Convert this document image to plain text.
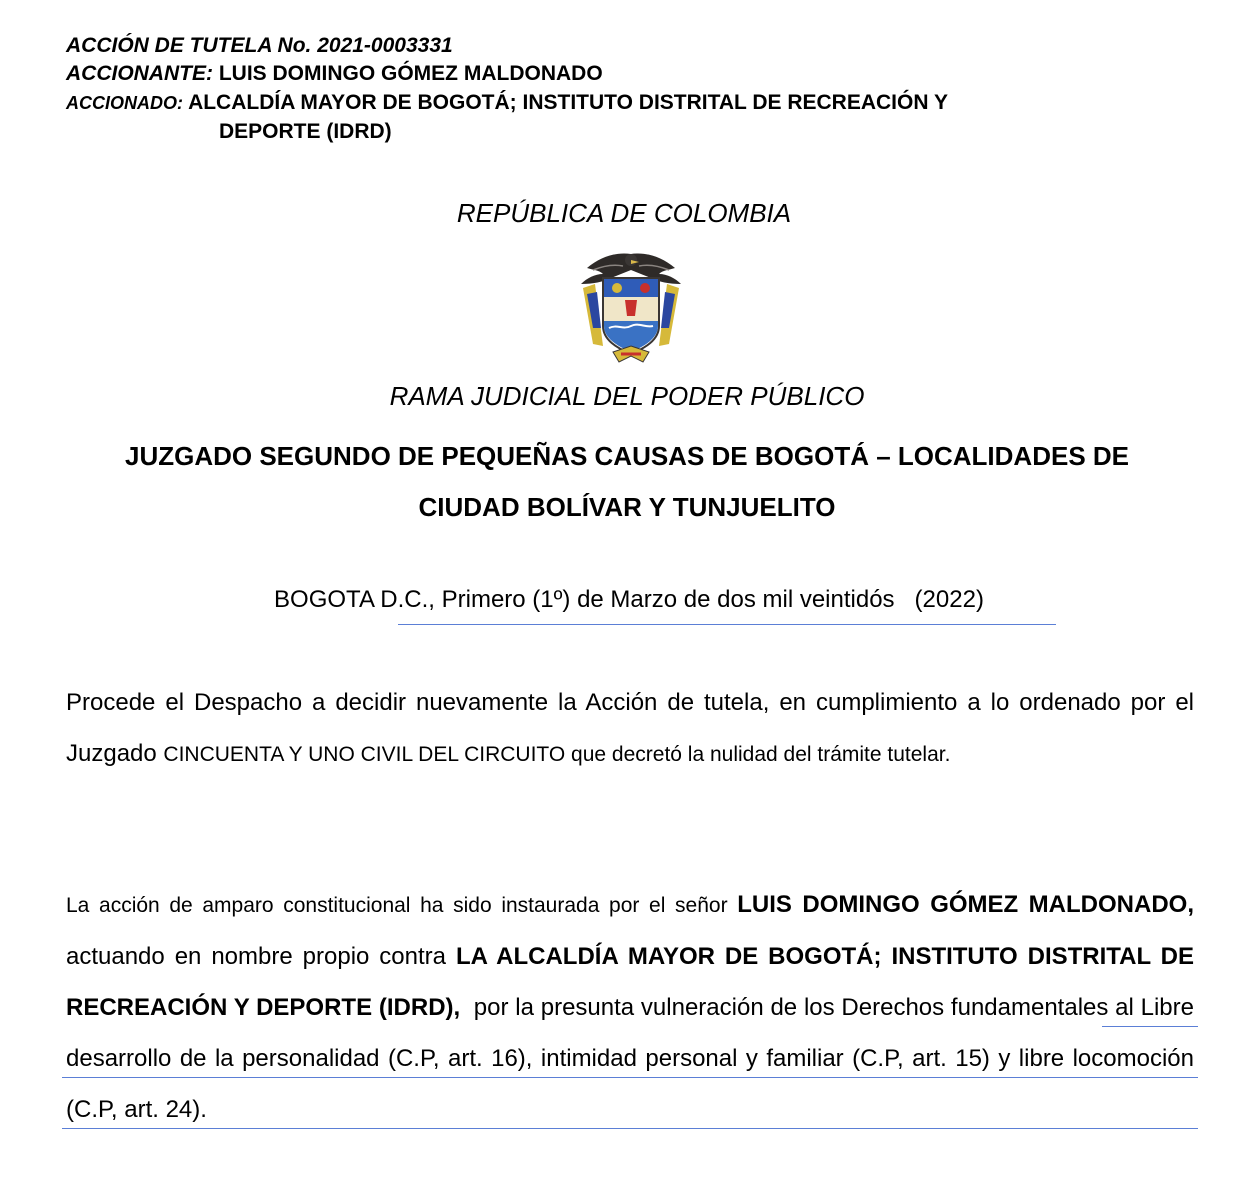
ACCIÓN DE TUTELA No. 2021-0003331
ACCIONANTE: LUIS DOMINGO GÓMEZ MALDONADO
ACCIONADO: ALCALDÍA MAYOR DE BOGOTÁ; INSTITUTO DISTRITAL DE RECREACIÓN Y
DEPORTE (IDRD)
REPÚBLICA DE COLOMBIA
RAMA JUDICIAL DEL PODER PÚBLICO
JUZGADO SEGUNDO DE PEQUEÑAS CAUSAS DE BOGOTÁ – LOCALIDADES DE
CIUDAD BOLÍVAR Y TUNJUELITO
BOGOTA D.C., Primero (1º) de Marzo de dos mil veintidós   (2022)
Procede el Despacho a decidir nuevamente la Acción de tutela, en cumplimiento a lo ordenado por el Juzgado CINCUENTA Y UNO CIVIL DEL CIRCUITO que decretó la nulidad del trámite tutelar.
La acción de amparo constitucional ha sido instaurada por el señor LUIS DOMINGO GÓMEZ MALDONADO, actuando en nombre propio contra LA ALCALDÍA MAYOR DE BOGOTÁ; INSTITUTO DISTRITAL DE RECREACIÓN Y DEPORTE (IDRD),  por la presunta vulneración de los Derechos fundamentales al Libre desarrollo de la personalidad (C.P, art. 16), intimidad personal y familiar (C.P, art. 15) y libre locomoción (C.P, art. 24).
